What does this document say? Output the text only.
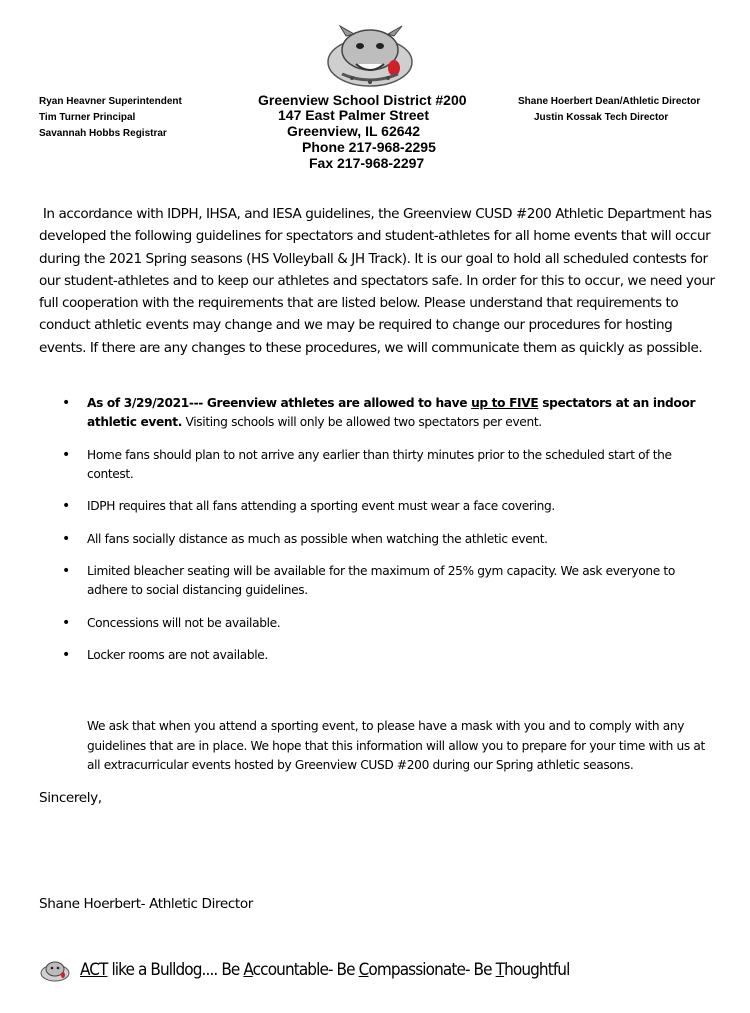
Ryan Heavner Superintendent
Tim Turner Principal
Savannah Hobbs Registrar
Greenview School District #200
147 East Palmer Street
Greenview, IL 62642
Phone 217-968-2295
Fax 217-968-2297
Shane Hoerbert Dean/Athletic Director
Justin Kossak Tech Director
In accordance with IDPH, IHSA, and IESA guidelines, the Greenview CUSD #200 Athletic Department has developed the following guidelines for spectators and student-athletes for all home events that will occur during the 2021 Spring seasons (HS Volleyball & JH Track). It is our goal to hold all scheduled contests for our student-athletes and to keep our athletes and spectators safe. In order for this to occur, we need your full cooperation with the requirements that are listed below. Please understand that requirements to conduct athletic events may change and we may be required to change our procedures for hosting events. If there are any changes to these procedures, we will communicate them as quickly as possible.
• As of 3/29/2021--- Greenview athletes are allowed to have up to FIVE spectators at an indoor athletic event. Visiting schools will only be allowed two spectators per event.
• Home fans should plan to not arrive any earlier than thirty minutes prior to the scheduled start of the contest.
• IDPH requires that all fans attending a sporting event must wear a face covering.
• All fans socially distance as much as possible when watching the athletic event.
• Limited bleacher seating will be available for the maximum of 25% gym capacity. We ask everyone to adhere to social distancing guidelines.
• Concessions will not be available.
• Locker rooms are not available.
We ask that when you attend a sporting event, to please have a mask with you and to comply with any guidelines that are in place. We hope that this information will allow you to prepare for your time with us at all extracurricular events hosted by Greenview CUSD #200 during our Spring athletic seasons.
Sincerely,
Shane Hoerbert- Athletic Director
ACT like a Bulldog.... Be Accountable- Be Compassionate- Be Thoughtful
